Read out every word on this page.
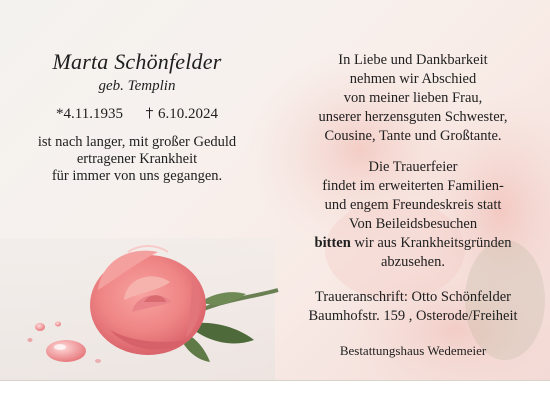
Marta Schönfelder
geb. Templin
*4.11.1935	6.10.2024
ist nach langer, mit großer Geduld
ertragener Krankheit
für immer von uns gegangen.
In Liebe und Dankbarkeit
nehmen wir Abschied
von meiner lieben Frau,
unserer herzensguten Schwester,
Cousine, Tante und Großtante.
Die Trauerfeier
findet im erweiterten Familien-
und engem Freundeskreis statt
Von Beileidsbesuchen
bitten wir aus Krankheitsgründen
abzusehen.
Traueranschrift: Otto Schönfelder
Baumhofstr. 159 , Osterode/Freiheit
Bestattungshaus Wedemeier
